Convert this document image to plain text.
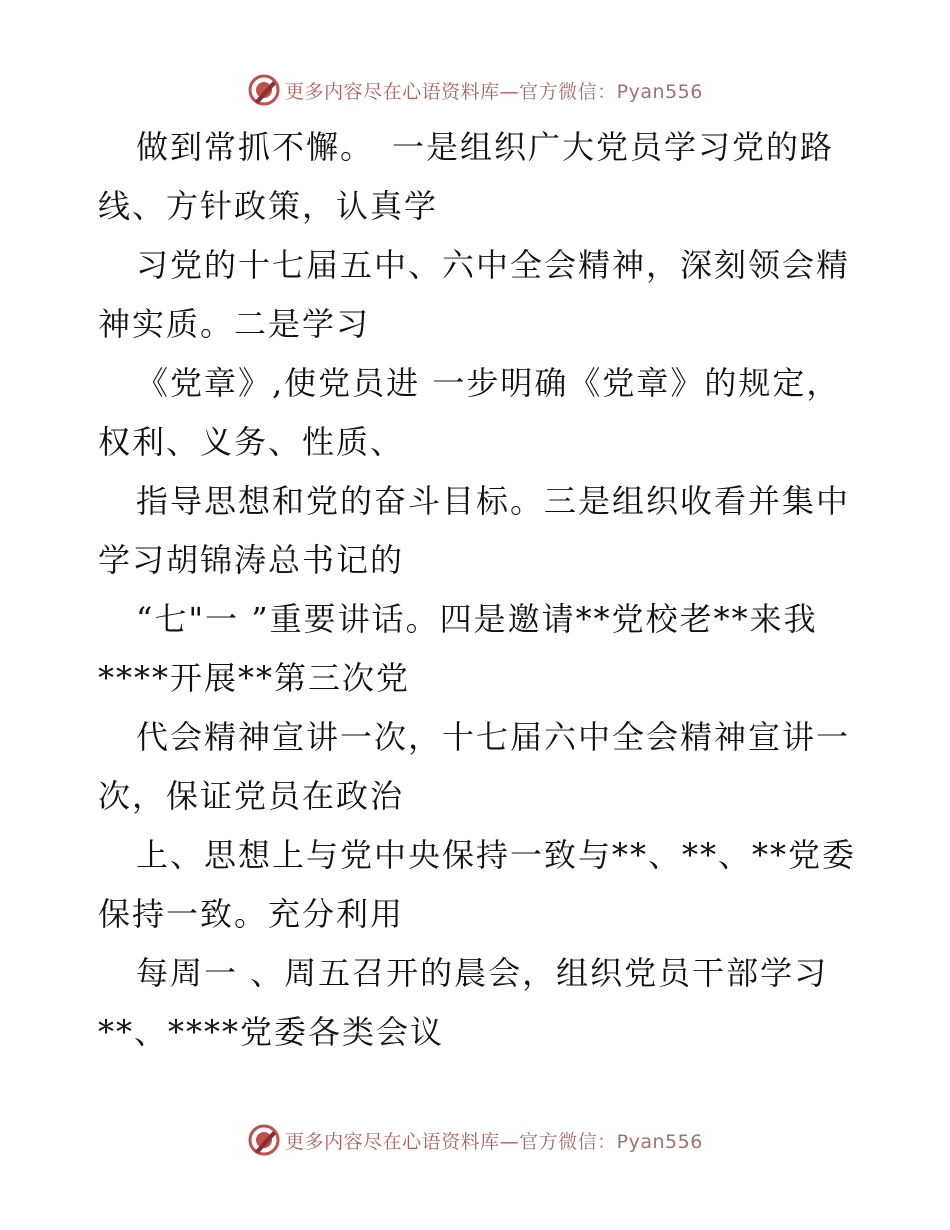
更多内容尽在心语资料库—官方微信：Pyan556
做到常抓不懈。　一是组织广大党员学习党的路
线、方针政策，认真学
习党的十七届五中、六中全会精神，深刻领会精
神实质。二是学习
《党章》,使党员进 一步明确《党章》的规定，
权利、义务、性质、
指导思想和党的奋斗目标。三是组织收看并集中
学习胡锦涛总书记的
“七"一 ”重要讲话。四是邀请**党校老**来我
****开展**第三次党
代会精神宣讲一次，十七届六中全会精神宣讲一
次，保证党员在政治
上、思想上与党中央保持一致与**、**、**党委
保持一致。充分利用
每周一 、周五召开的晨会，组织党员干部学习
**、****党委各类会议
更多内容尽在心语资料库—官方微信：Pyan556
